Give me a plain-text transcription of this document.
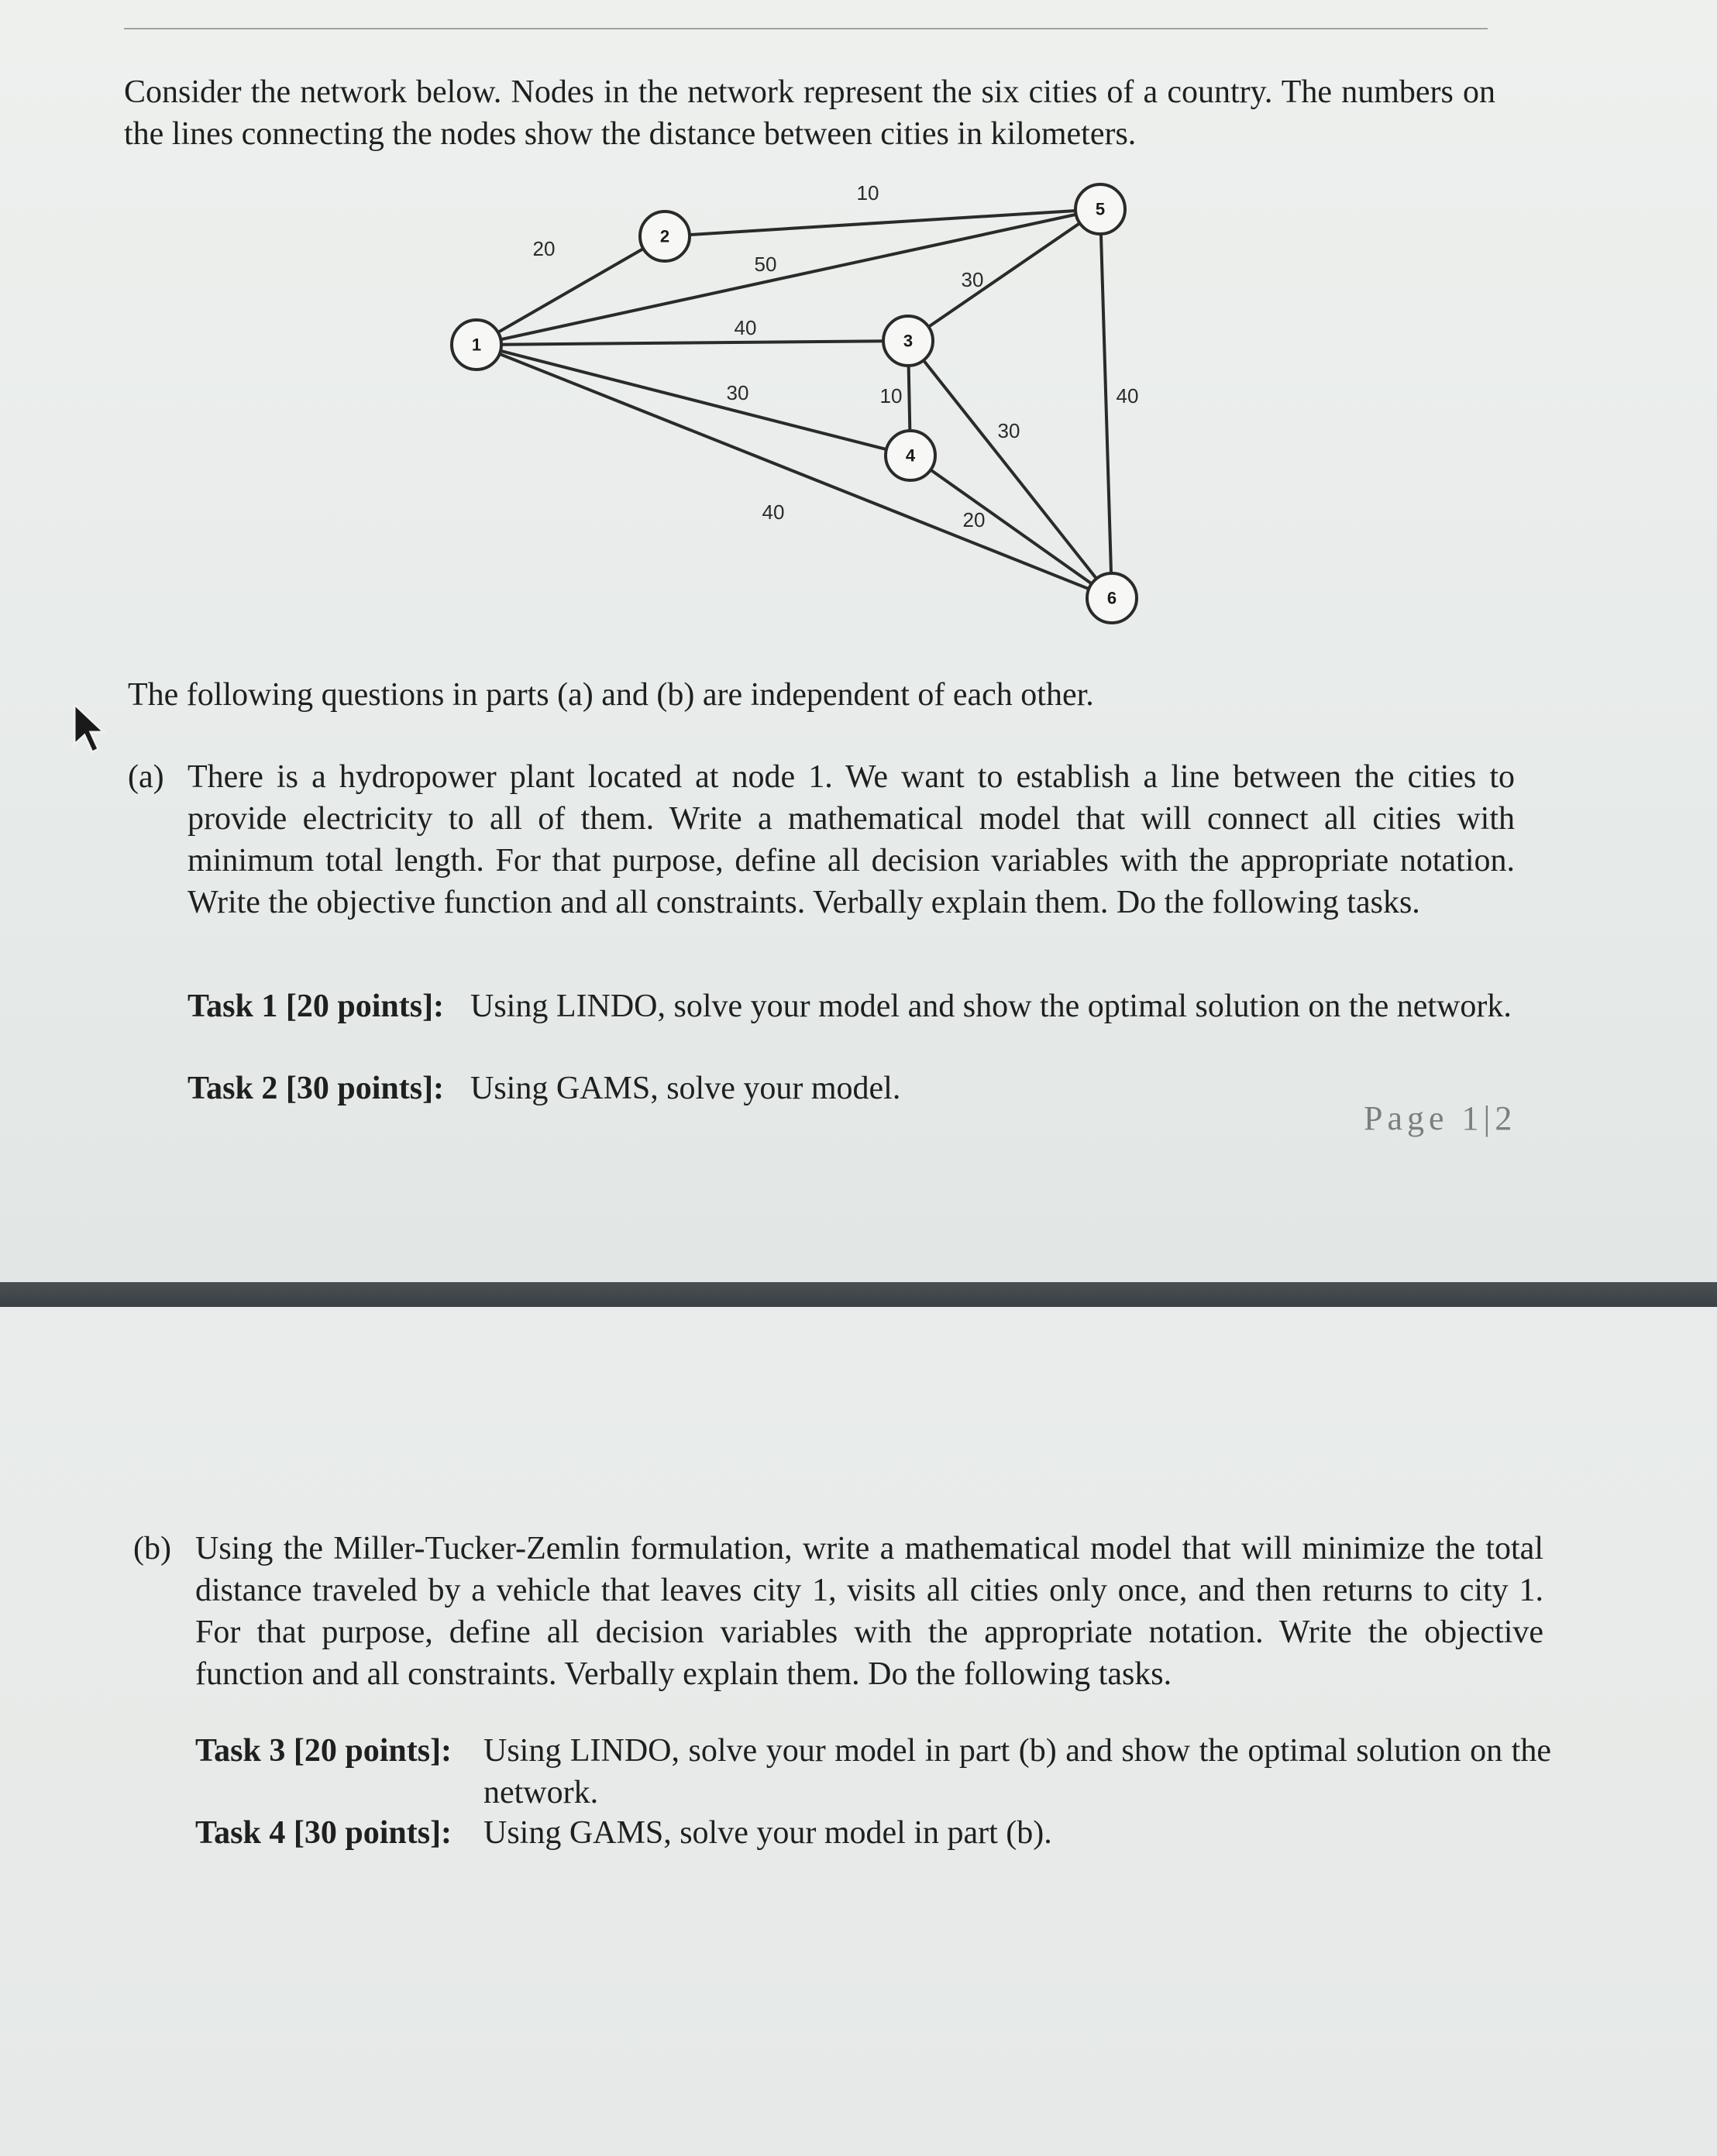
Consider the network below. Nodes in the network represent the six cities of a country. The numbers on the lines connecting the nodes show the distance between cities in kilometers.

20
50
40
30
40
10
30
10
30
20
40
1
2
3
4
5
6

The following questions in parts (a) and (b) are independent of each other.

(a) There is a hydropower plant located at node 1. We want to establish a line between the cities to provide electricity to all of them. Write a mathematical model that will connect all cities with minimum total length. For that purpose, define all decision variables with the appropriate notation. Write the objective function and all constraints. Verbally explain them. Do the following tasks.

Task 1 [20 points]: Using LINDO, solve your model and show the optimal solution on the network.
Task 2 [30 points]: Using GAMS, solve your model.
Page 1|2
(b) Using the Miller-Tucker-Zemlin formulation, write a mathematical model that will minimize the total distance traveled by a vehicle that leaves city 1, visits all cities only once, and then returns to city 1. For that purpose, define all decision variables with the appropriate notation. Write the objective function and all constraints. Verbally explain them. Do the following tasks.

Task 3 [20 points]: Using LINDO, solve your model in part (b) and show the optimal solution on the network.
Task 4 [30 points]: Using GAMS, solve your model in part (b).
